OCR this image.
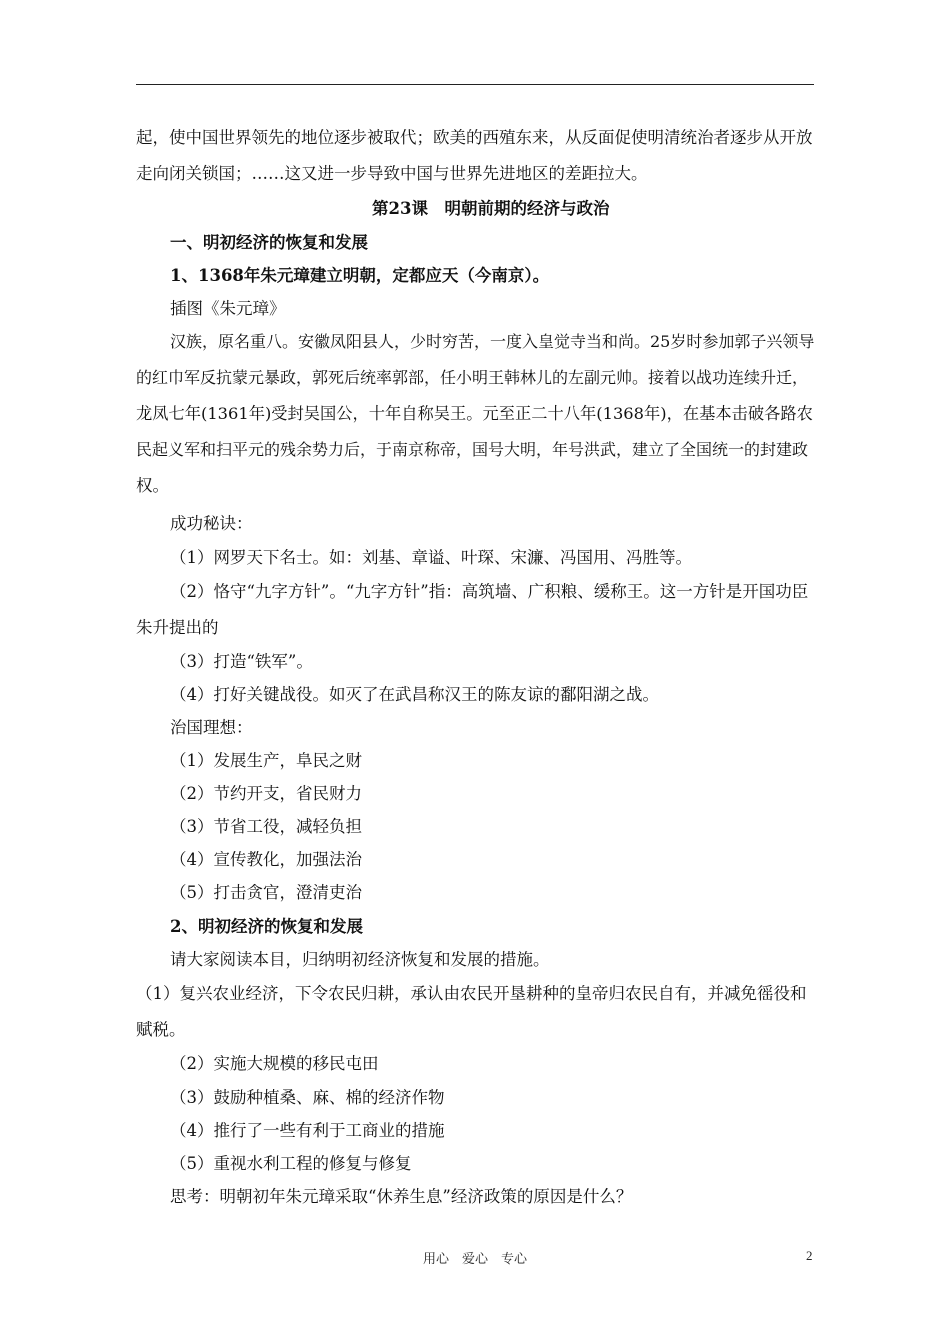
起，使中国世界领先的地位逐步被取代；欧美的西殖东来，从反面促使明清统治者逐步从开放
走向闭关锁国；……这又进一步导致中国与世界先进地区的差距拉大。
第23课　明朝前期的经济与政治
一、明初经济的恢复和发展
1、1368年朱元璋建立明朝，定都应天（今南京）。
插图《朱元璋》
汉族，原名重八。安徽凤阳县人，少时穷苦，一度入皇觉寺当和尚。25岁时参加郭子兴领导
的红巾军反抗蒙元暴政，郭死后统率郭部，任小明王韩林儿的左副元帅。接着以战功连续升迁，
龙凤七年(1361年)受封吴国公，十年自称吴王。元至正二十八年(1368年)，在基本击破各路农
民起义军和扫平元的残余势力后，于南京称帝，国号大明，年号洪武，建立了全国统一的封建政
权。
成功秘诀：
（1）网罗天下名士。如：刘基、章谥、叶琛、宋濂、冯国用、冯胜等。
（2）恪守“九字方针”。“九字方针”指：高筑墙、广积粮、缓称王。这一方针是开国功臣
朱升提出的
（3）打造“铁军”。
（4）打好关键战役。如灭了在武昌称汉王的陈友谅的鄱阳湖之战。
治国理想：
（1）发展生产，阜民之财
（2）节约开支，省民财力
（3）节省工役，减轻负担
（4）宣传教化，加强法治
（5）打击贪官，澄清吏治
2、明初经济的恢复和发展
请大家阅读本目，归纳明初经济恢复和发展的措施。
（1）复兴农业经济，下令农民归耕，承认由农民开垦耕种的皇帝归农民自有，并减免徭役和
赋税。
（2）实施大规模的移民屯田
（3）鼓励种植桑、麻、棉的经济作物
（4）推行了一些有利于工商业的措施
（5）重视水利工程的修复与修复
思考：明朝初年朱元璋采取“休养生息”经济政策的原因是什么？
用心　爱心　专心	2
